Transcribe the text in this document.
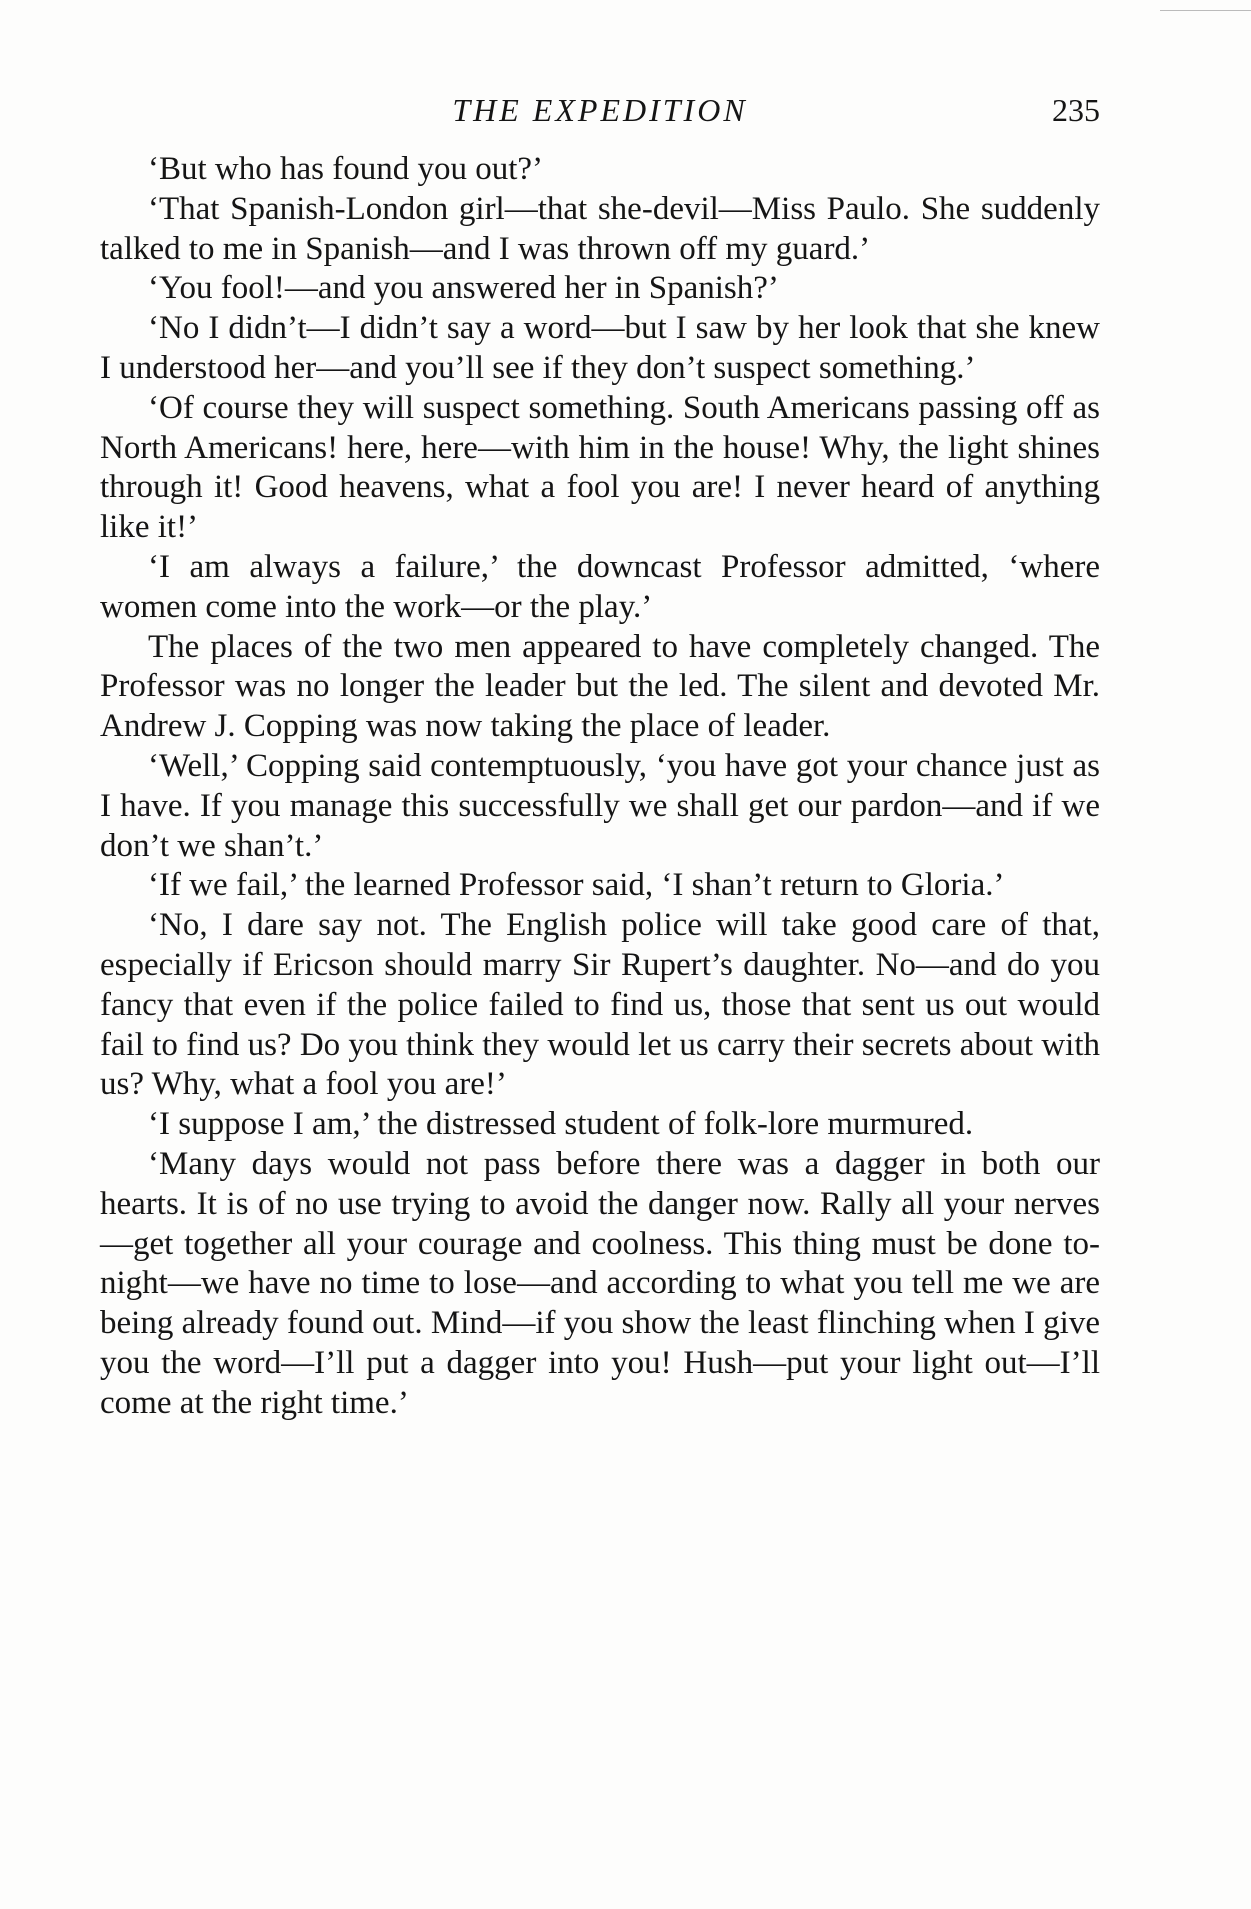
THE EXPEDITION	235

‘But who has found you out?’

‘That Spanish-London girl—that she-devil—Miss Paulo. She suddenly talked to me in Spanish—and I was thrown off my guard.’

‘You fool!—and you answered her in Spanish?’

‘No I didn’t—I didn’t say a word—but I saw by her look that she knew I understood her—and you’ll see if they don’t suspect something.’

‘Of course they will suspect something. South Americans passing off as North Americans! here, here—with him in the house! Why, the light shines through it! Good heavens, what a fool you are! I never heard of anything like it!’

‘I am always a failure,’ the downcast Professor admitted, ‘where women come into the work—or the play.’

The places of the two men appeared to have completely changed. The Professor was no longer the leader but the led. The silent and devoted Mr. Andrew J. Copping was now taking the place of leader.

‘Well,’ Copping said contemptuously, ‘you have got your chance just as I have. If you manage this successfully we shall get our pardon—and if we don’t we shan’t.’

‘If we fail,’ the learned Professor said, ‘I shan’t return to Gloria.’

‘No, I dare say not. The English police will take good care of that, especially if Ericson should marry Sir Rupert’s daughter. No—and do you fancy that even if the police failed to find us, those that sent us out would fail to find us? Do you think they would let us carry their secrets about with us? Why, what a fool you are!’

‘I suppose I am,’ the distressed student of folk-lore murmured.

‘Many days would not pass before there was a dagger in both our hearts. It is of no use trying to avoid the danger now. Rally all your nerves—get together all your courage and coolness. This thing must be done to-night—we have no time to lose—and according to what you tell me we are being already found out. Mind—if you show the least flinching when I give you the word—I’ll put a dagger into you! Hush—put your light out—I’ll come at the right time.’
